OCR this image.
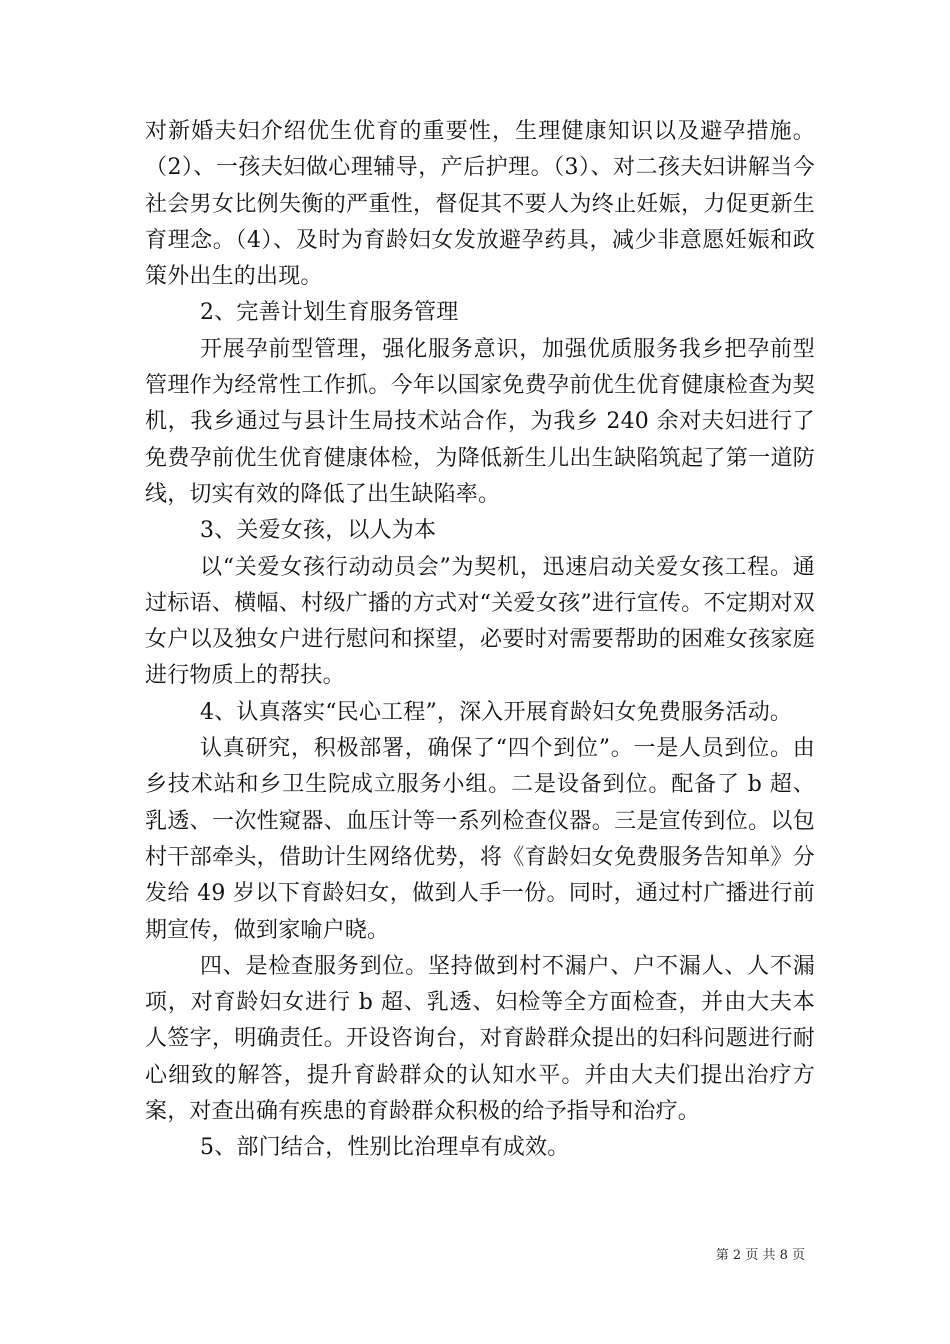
对新婚夫妇介绍优生优育的重要性，生理健康知识以及避孕措施。（2）、一孩夫妇做心理辅导，产后护理。（3）、对二孩夫妇讲解当今社会男女比例失衡的严重性，督促其不要人为终止妊娠，力促更新生育理念。（4）、及时为育龄妇女发放避孕药具，减少非意愿妊娠和政策外出生的出现。

2、完善计划生育服务管理

开展孕前型管理，强化服务意识，加强优质服务我乡把孕前型管理作为经常性工作抓。今年以国家免费孕前优生优育健康检查为契机，我乡通过与县计生局技术站合作，为我乡 240 余对夫妇进行了免费孕前优生优育健康体检，为降低新生儿出生缺陷筑起了第一道防线，切实有效的降低了出生缺陷率。

3、关爱女孩，以人为本

以“关爱女孩行动动员会”为契机，迅速启动关爱女孩工程。通过标语、横幅、村级广播的方式对“关爱女孩”进行宣传。不定期对双女户以及独女户进行慰问和探望，必要时对需要帮助的困难女孩家庭进行物质上的帮扶。

4、认真落实“民心工程”，深入开展育龄妇女免费服务活动。

认真研究，积极部署，确保了“四个到位”。一是人员到位。由乡技术站和乡卫生院成立服务小组。二是设备到位。配备了 b 超、乳透、一次性窥器、血压计等一系列检查仪器。三是宣传到位。以包村干部牵头，借助计生网络优势，将《育龄妇女免费服务告知单》分发给 49 岁以下育龄妇女，做到人手一份。同时，通过村广播进行前期宣传，做到家喻户晓。

四、是检查服务到位。坚持做到村不漏户、户不漏人、人不漏项，对育龄妇女进行 b 超、乳透、妇检等全方面检查，并由大夫本人签字，明确责任。开设咨询台，对育龄群众提出的妇科问题进行耐心细致的解答，提升育龄群众的认知水平。并由大夫们提出治疗方案，对查出确有疾患的育龄群众积极的给予指导和治疗。

5、部门结合，性别比治理卓有成效。

第 2 页 共 8 页
